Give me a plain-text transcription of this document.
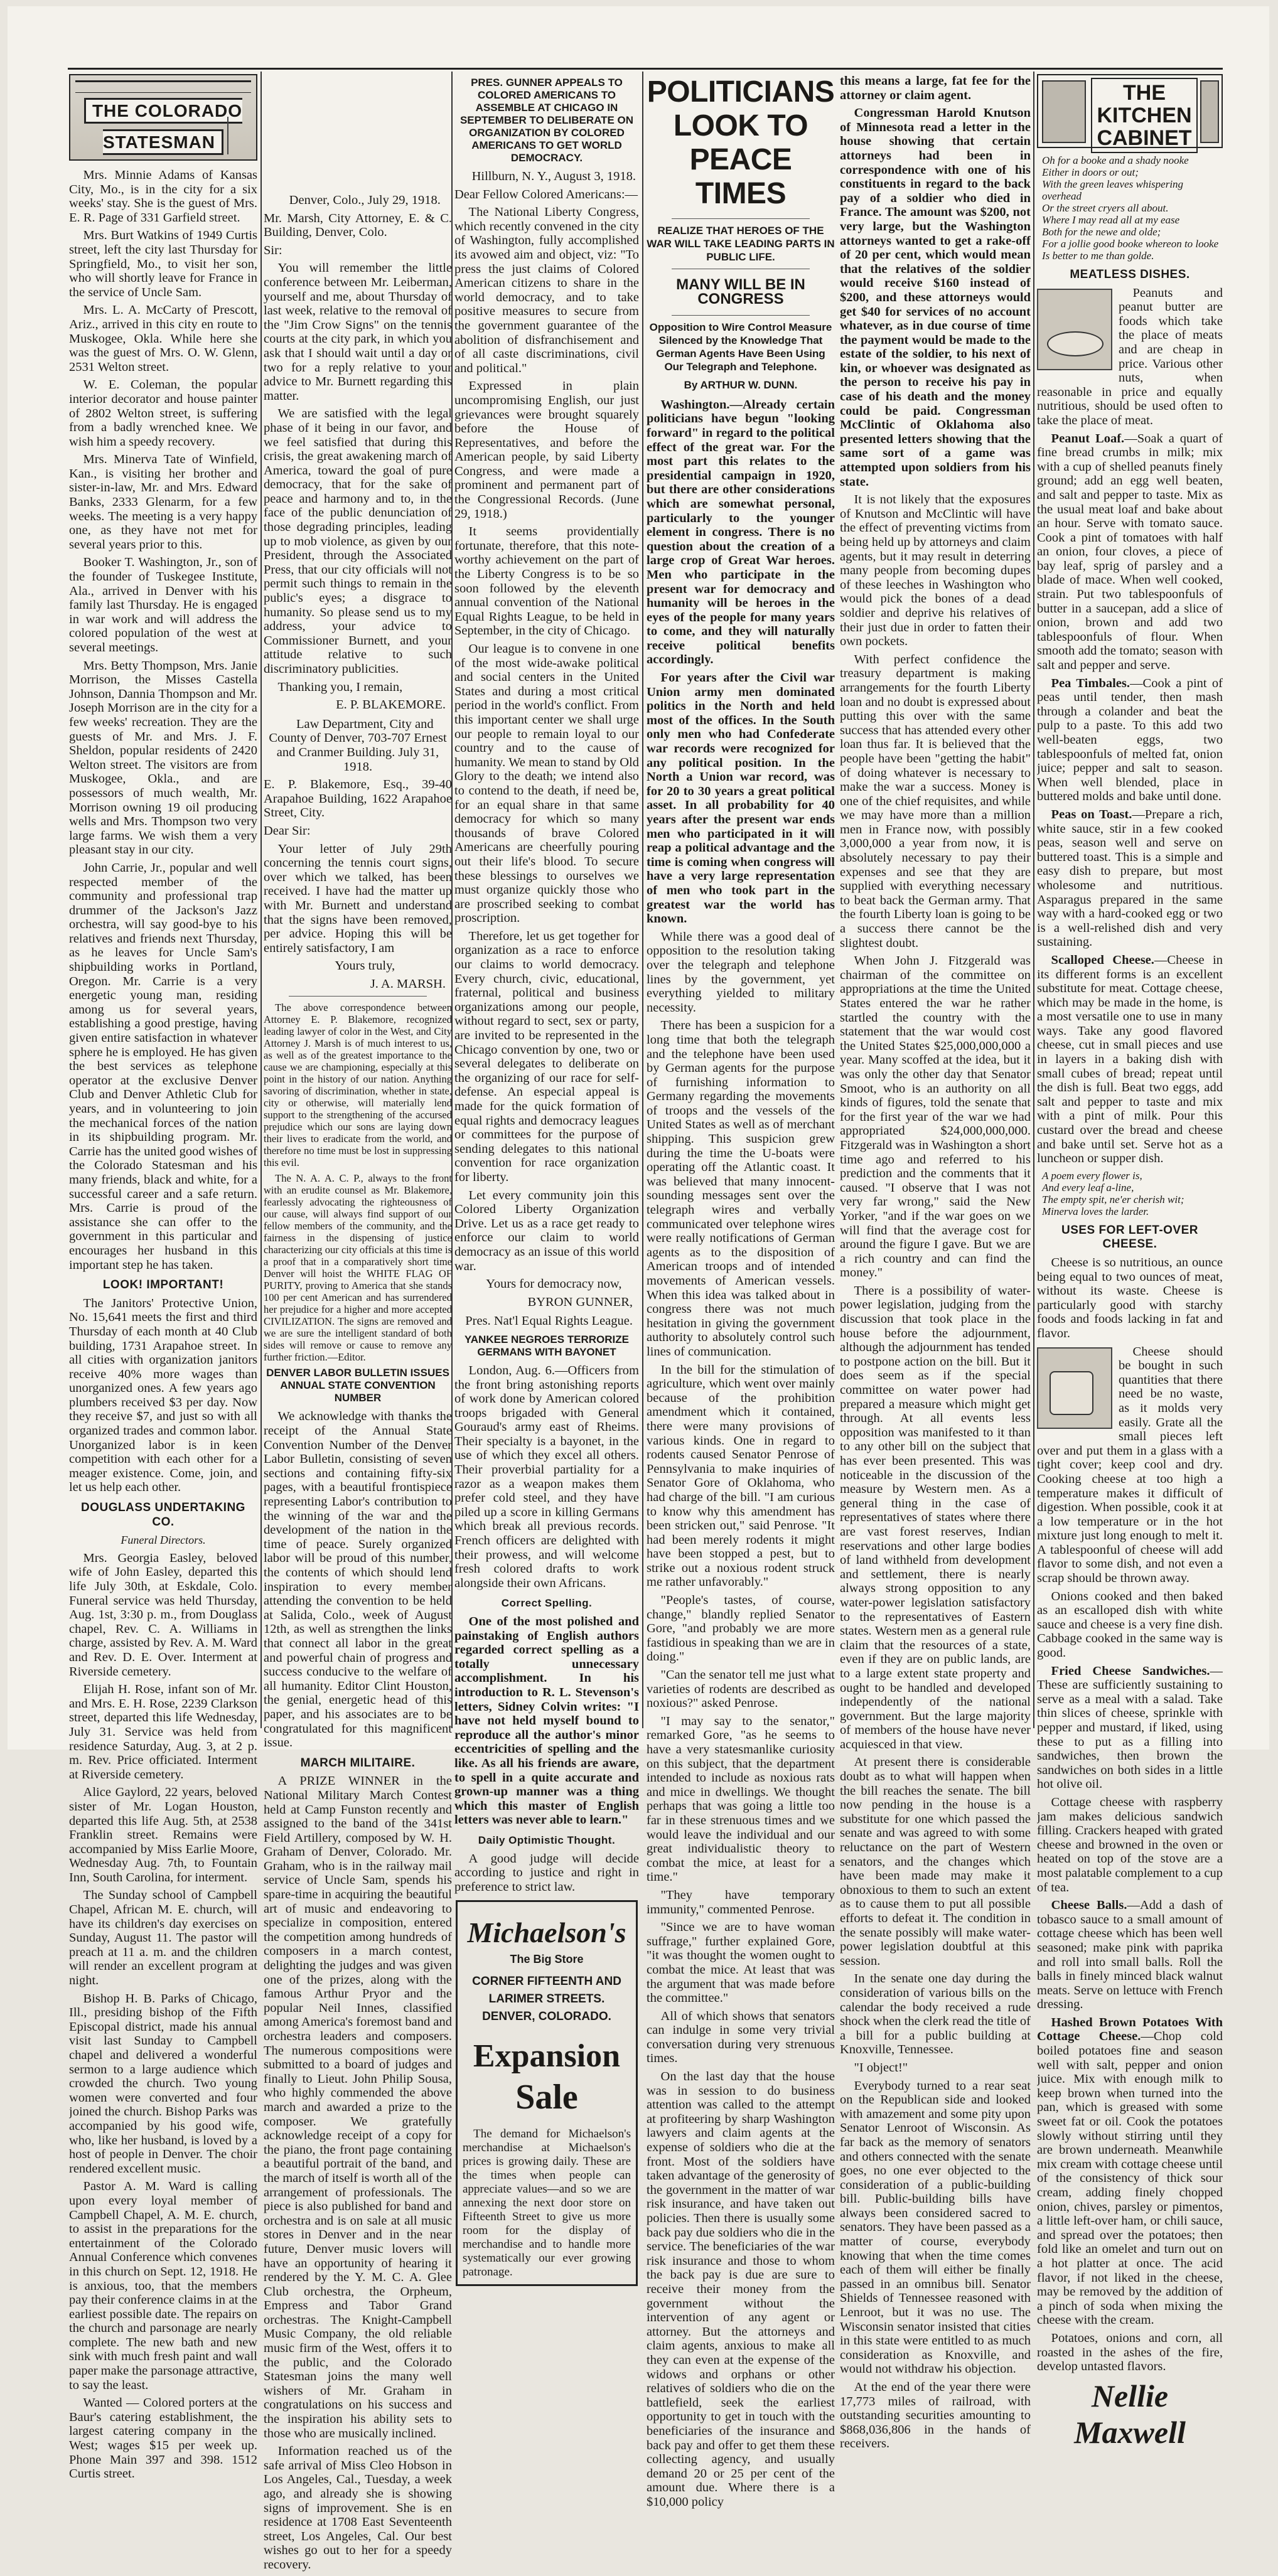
THE COLORADO STATESMAN

Mrs. Minnie Adams of Kansas City, Mo., is in the city for a six weeks' stay. She is the guest of Mrs. E. R. Page of 331 Garfield street.

Mrs. Burt Watkins of 1949 Curtis street, left the city last Thursday for Springfield, Mo., to visit her son, who will shortly leave for France in the service of Uncle Sam.

Mrs. L. A. McCarty of Prescott, Ariz., arrived in this city en route to Muskogee, Okla. While here she was the guest of Mrs. O. W. Glenn, 2531 Welton street.

W. E. Coleman, the popular interior decorator and house painter of 2802 Welton street, is suffering from a badly wrenched knee. We wish him a speedy recovery.

Mrs. Minerva Tate of Winfield, Kan., is visiting her brother and sister-in-law, Mr. and Mrs. Edward Banks, 2333 Glenarm, for a few weeks. The meeting is a very happy one, as they have not met for several years prior to this.

Booker T. Washington, Jr., son of the founder of Tuskegee Institute, Ala., arrived in Denver with his family last Thursday. He is engaged in war work and will address the colored population of the west at several meetings.

Mrs. Betty Thompson, Mrs. Janie Morrison, the Misses Castella Johnson, Dannia Thompson and Mr. Joseph Morrison are in the city for a few weeks' recreation. They are the guests of Mr. and Mrs. J. F. Sheldon, popular residents of 2420 Welton street. The visitors are from Muskogee, Okla., and are possessors of much wealth, Mr. Morrison owning 19 oil producing wells and Mrs. Thompson two very large farms. We wish them a very pleasant stay in our city.

John Carrie, Jr., popular and well respected member of the community and professional trap drummer of the Jackson's Jazz orchestra, will say good-bye to his relatives and friends next Thursday, as he leaves for Uncle Sam's shipbuilding works in Portland, Oregon. Mr. Carrie is a very energetic young man, residing among us for several years, establishing a good prestige, having given entire satisfaction in whatever sphere he is employed. He has given the best services as telephone operator at the exclusive Denver Club and Denver Athletic Club for years, and in volunteering to join the mechanical forces of the nation in its shipbuilding program. Mr. Carrie has the united good wishes of the Colorado Statesman and his many friends, black and white, for a successful career and a safe return. Mrs. Carrie is proud of the assistance she can offer to the government in this particular and encourages her husband in this important step he has taken.

LOOK! IMPORTANT!

The Janitors' Protective Union, No. 15,641 meets the first and third Thursday of each month at 40 Club building, 1731 Arapahoe street. In all cities with organization janitors receive 40% more wages than unorganized ones. A few years ago plumbers received $3 per day. Now they receive $7, and just so with all organized trades and common labor. Unorganized labor is in keen competition with each other for a meager existence. Come, join, and let us help each other.

DOUGLASS UNDERTAKING CO.
Funeral Directors.

Mrs. Georgia Easley, beloved wife of John Easley, departed this life July 30th, at Eskdale, Colo. Funeral service was held Thursday, Aug. 1st, 3:30 p. m., from Douglass chapel, Rev. C. A. Williams in charge, assisted by Rev. A. M. Ward and Rev. D. E. Over. Interment at Riverside cemetery.

Elijah H. Rose, infant son of Mr. and Mrs. E. H. Rose, 2239 Clarkson street, departed this life Wednesday, July 31. Service was held from residence Saturday, Aug. 3, at 2 p. m. Rev. Price officiated. Interment at Riverside cemetery.

Alice Gaylord, 22 years, beloved sister of Mr. Logan Houston, departed this life Aug. 5th, at 2538 Franklin street. Remains were accompanied by Miss Earlie Moore, Wednesday Aug. 7th, to Fountain Inn, South Carolina, for interment.

The Sunday school of Campbell Chapel, African M. E. church, will have its children's day exercises on Sunday, August 11. The pastor will preach at 11 a. m. and the children will render an excellent program at night.

Bishop H. B. Parks of Chicago, Ill., presiding bishop of the Fifth Episcopal district, made his annual visit last Sunday to Campbell chapel and delivered a wonderful sermon to a large audience which crowded the church. Two young women were converted and four joined the church. Bishop Parks was accompanied by his good wife, who, like her husband, is loved by a host of people in Denver. The choir rendered excellent music.

Pastor A. M. Ward is calling upon every loyal member of Campbell Chapel, A. M. E. church, to assist in the preparations for the entertainment of the Colorado Annual Conference which convenes in this church on Sept. 12, 1918. He is anxious, too, that the members pay their conference claims in at the earliest possible date. The repairs on the church and parsonage are nearly complete. The new bath and new sink with much fresh paint and wall paper make the parsonage attractive, to say the least.

Wanted — Colored porters at the Baur's catering establishment, the largest catering company in the West; wages $15 per week up. Phone Main 397 and 398. 1512 Curtis street.

Denver, Colo., July 29, 1918.

Mr. Marsh, City Attorney, E. & C. Building, Denver, Colo.

Sir:

You will remember the little conference between Mr. Leiberman, yourself and me, about Thursday of last week, relative to the removal of the "Jim Crow Signs" on the tennis courts at the city park, in which you ask that I should wait until a day or two for a reply relative to your advice to Mr. Burnett regarding this matter.

We are satisfied with the legal phase of it being in our favor, and we feel satisfied that during this crisis, the great awakening march of America, toward the goal of pure democracy, that for the sake of peace and harmony and to, in the face of the public denunciation of those degrading principles, leading up to mob violence, as given by our President, through the Associated Press, that our city officials will not permit such things to remain in the public's eyes; a disgrace to humanity. So please send us to my address, your advice to Commissioner Burnett, and your attitude relative to such discriminatory publicities.

Thanking you, I remain,

E. P. BLAKEMORE.

Law Department, City and County of Denver, 703-707 Ernest and Cranmer Building. July 31, 1918.

E. P. Blakemore, Esq., 39-40 Arapahoe Building, 1622 Arapahoe Street, City.

Dear Sir:

Your letter of July 29th concerning the tennis court signs, over which we talked, has been received. I have had the matter up with Mr. Burnett and understand that the signs have been removed, per advice. Hoping this will be entirely satisfactory, I am

Yours truly,

J. A. MARSH.

The above correspondence between Attorney E. P. Blakemore, recognized leading lawyer of color in the West, and City Attorney J. Marsh is of much interest to us, as well as of the greatest importance to the cause we are championing, especially at this point in the history of our nation. Anything savoring of discrimination, whether in state, city or otherwise, will materially lend support to the strengthening of the accursed prejudice which our sons are laying down their lives to eradicate from the world, and therefore no time must be lost in suppressing this evil.

The N. A. A. C. P., always to the front with an erudite counsel as Mr. Blakemore, fearlessly advocating the righteousness of our cause, will always find support of our fellow members of the community, and the fairness in the dispensing of justice characterizing our city officials at this time is a proof that in a comparatively short time Denver will hoist the WHITE FLAG OF PURITY, proving to America that she stands 100 per cent American and has surrendered her prejudice for a higher and more accepted CIVILIZATION. The signs are removed and we are sure the intelligent standard of both sides will remove or cause to remove any further friction.—Editor.

DENVER LABOR BULLETIN ISSUES ANNUAL STATE CONVENTION NUMBER

We acknowledge with thanks the receipt of the Annual State Convention Number of the Denver Labor Bulletin, consisting of seven sections and containing fifty-six pages, with a beautiful frontispiece representing Labor's contribution to the winning of the war and the development of the nation in the time of peace. Surely organized labor will be proud of this number, the contents of which should lend inspiration to every member attending the convention to be held at Salida, Colo., week of August 12th, as well as strengthen the links that connect all labor in the great and powerful chain of progress and success conducive to the welfare of all humanity. Editor Clint Houston, the genial, energetic head of this paper, and his associates are to be congratulated for this magnificent issue.

MARCH MILITAIRE.

A PRIZE WINNER in the National Military March Contest held at Camp Funston recently and assigned to the band of the 341st Field Artillery, composed by W. H. Graham of Denver, Colorado. Mr. Graham, who is in the railway mail service of Uncle Sam, spends his spare-time in acquiring the beautiful art of music and endeavoring to specialize in composition, entered the competition among hundreds of composers in a march contest, delighting the judges and was given one of the prizes, along with the famous Arthur Pryor and the popular Neil Innes, classified among America's foremost band and orchestra leaders and composers. The numerous compositions were submitted to a board of judges and finally to Lieut. John Philip Sousa, who highly commended the above march and awarded a prize to the composer. We gratefully acknowledge receipt of a copy for the piano, the front page containing a beautiful portrait of the band, and the march of itself is worth all of the arrangement of professionals. The piece is also published for band and orchestra and is on sale at all music stores in Denver and in the near future, Denver music lovers will have an opportunity of hearing it rendered by the Y. M. C. A. Glee Club orchestra, the Orpheum, Empress and Tabor Grand orchestras. The Knight-Campbell Music Company, the old reliable music firm of the West, offers it to the public, and the Colorado Statesman joins the many well wishers of Mr. Graham in congratulations on his success and the inspiration his ability sets to those who are musically inclined.

Information reached us of the safe arrival of Miss Cleo Hobson in Los Angeles, Cal., Tuesday, a week ago, and already she is showing signs of improvement. She is en residence at 1708 East Seventeenth street, Los Angeles, Cal. Our best wishes go out to her for a speedy recovery.

PRES. GUNNER APPEALS TO COLORED AMERICANS TO ASSEMBLE AT CHICAGO IN SEPTEMBER TO DELIBERATE ON ORGANIZATION BY COLORED AMERICANS TO GET WORLD DEMOCRACY.

Hillburn, N. Y., August 3, 1918.

Dear Fellow Colored Americans:—

The National Liberty Congress, which recently convened in the city of Washington, fully accomplished its avowed aim and object, viz: "To press the just claims of Colored American citizens to share in the world democracy, and to take positive measures to secure from the government guarantee of the abolition of disfranchisement and of all caste discriminations, civil and political."

Expressed in plain uncompromising English, our just grievances were brought squarely before the House of Representatives, and before the American people, by said Liberty Congress, and were made a prominent and permanent part of the Congressional Records. (June 29, 1918.)

It seems providentially fortunate, therefore, that this note-worthy achievement on the part of the Liberty Congress is to be so soon followed by the eleventh annual convention of the National Equal Rights League, to be held in September, in the city of Chicago.

Our league is to convene in one of the most wide-awake political and social centers in the United States and during a most critical period in the world's conflict. From this important center we shall urge our people to remain loyal to our country and to the cause of humanity. We mean to stand by Old Glory to the death; we intend also to contend to the death, if need be, for an equal share in that same democracy for which so many thousands of brave Colored Americans are cheerfully pouring out their life's blood. To secure these blessings to ourselves we must organize quickly those who are proscribed seeking to combat proscription.

Therefore, let us get together for organization as a race to enforce our claims to world democracy. Every church, civic, educational, fraternal, political and business organizations among our people, without regard to sect, sex or party, are invited to be represented in the Chicago convention by one, two or several delegates to deliberate on the organizing of our race for self-defense. An especial appeal is made for the quick formation of equal rights and democracy leagues or committees for the purpose of sending delegates to this national convention for race organization for liberty.

Let every community join this Colored Liberty Organization Drive. Let us as a race get ready to enforce our claim to world democracy as an issue of this world war.

Yours for democracy now,

BYRON GUNNER,
Pres. Nat'l Equal Rights League.
YANKEE NEGROES TERRORIZE GERMANS WITH BAYONET

London, Aug. 6.—Officers from the front bring astonishing reports of work done by American colored troops brigaded with General Gouraud's army east of Rheims. Their specialty is a bayonet, in the use of which they excel all others. Their proverbial partiality for a razor as a weapon makes them prefer cold steel, and they have piled up a score in killing Germans which break all previous records. French officers are delighted with their prowess, and will welcome fresh colored drafts to work alongside their own Africans.

Correct Spelling.

One of the most polished and painstaking of English authors regarded correct spelling as a totally unnecessary accomplishment. In his introduction to R. L. Stevenson's letters, Sidney Colvin writes: "I have not held myself bound to reproduce all the author's minor eccentricities of spelling and the like. As all his friends are aware, to spell in a quite accurate and grown-up manner was a thing which this master of English letters was never able to learn."

Daily Optimistic Thought.

A good judge will decide according to justice and right in preference to strict law.

Michaelson's
The Big Store
CORNER FIFTEENTH AND
LARIMER STREETS.
DENVER, COLORADO.
Expansion
Sale

The demand for Michaelson's merchandise at Michaelson's prices is growing daily. These are the times when people can appreciate values—and so we are annexing the next door store on Fifteenth Street to give us more room for the display of merchandise and to handle more systematically our ever growing patronage.

POLITICIANS LOOK TO PEACE TIMES
REALIZE THAT HEROES OF THE WAR WILL TAKE LEADING PARTS IN PUBLIC LIFE.
MANY WILL BE IN CONGRESS
Opposition to Wire Control Measure Silenced by the Knowledge That German Agents Have Been Using Our Telegraph and Telephone.
By ARTHUR W. DUNN.

Washington.—Already certain politicians have begun "looking forward" in regard to the political effect of the great war. For the most part this relates to the presidential campaign in 1920, but there are other considerations which are somewhat personal, particularly to the younger element in congress. There is no question about the creation of a large crop of Great War heroes. Men who participate in the present war for democracy and humanity will be heroes in the eyes of the people for many years to come, and they will naturally receive political benefits accordingly.

For years after the Civil war Union army men dominated politics in the North and held most of the offices. In the South only men who had Confederate war records were recognized for any political position. In the North a Union war record, was for 20 to 30 years a great political asset. In all probability for 40 years after the present war ends men who participated in it will reap a political advantage and the time is coming when congress will have a very large representation of men who took part in the greatest war the world has known.

While there was a good deal of opposition to the resolution taking over the telegraph and telephone lines by the government, yet everything yielded to military necessity.

There has been a suspicion for a long time that both the telegraph and the telephone have been used by German agents for the purpose of furnishing information to Germany regarding the movements of troops and the vessels of the United States as well as of merchant shipping. This suspicion grew during the time the U-boats were operating off the Atlantic coast. It was believed that many innocent-sounding messages sent over the telegraph wires and verbally communicated over telephone wires were really notifications of German agents as to the disposition of American troops and of intended movements of American vessels. When this idea was talked about in congress there was not much hesitation in giving the government authority to absolutely control such lines of communication.

In the bill for the stimulation of agriculture, which went over mainly because of the prohibition amendment which it contained, there were many provisions of various kinds. One in regard to rodents caused Senator Penrose of Pennsylvania to make inquiries of Senator Gore of Oklahoma, who had charge of the bill. "I am curious to know why this amendment has been stricken out," said Penrose. "It had been merely rodents it might have been stopped a pest, but to strike out a noxious rodent struck me rather unfavorably."

"People's tastes, of course, change," blandly replied Senator Gore, "and probably we are more fastidious in speaking than we are in doing."

"Can the senator tell me just what varieties of rodents are described as noxious?" asked Penrose.

"I may say to the senator," remarked Gore, "as he seems to have a very statesmanlike curiosity on this subject, that the department intended to include as noxious rats and mice in dwellings. We thought perhaps that was going a little too far in these strenuous times and we would leave the individual and our great individualistic theory to combat the mice, at least for a time."

"They have temporary immunity," commented Penrose.

"Since we are to have woman suffrage," further explained Gore, "it was thought the women ought to combat the mice. At least that was the argument that was made before the committee."

All of which shows that senators can indulge in some very trivial conversation during very strenuous times.

On the last day that the house was in session to do business attention was called to the attempt at profiteering by sharp Washington lawyers and claim agents at the expense of soldiers who die at the front. Most of the soldiers have taken advantage of the generosity of the government in the matter of war risk insurance, and have taken out policies. Then there is usually some back pay due soldiers who die in the service. The beneficiaries of the war risk insurance and those to whom the back pay is due are sure to receive their money from the government without the intervention of any agent or attorney. But the attorneys and claim agents, anxious to make all they can even at the expense of the widows and orphans or other relatives of soldiers who die on the battlefield, seek the earliest opportunity to get in touch with the beneficiaries of the insurance and back pay and offer to get them these collecting agency, and usually demand 20 or 25 per cent of the amount due. Where there is a $10,000 policy

this means a large, fat fee for the attorney or claim agent.

Congressman Harold Knutson of Minnesota read a letter in the house showing that certain attorneys had been in correspondence with one of his constituents in regard to the back pay of a soldier who died in France. The amount was $200, not very large, but the Washington attorneys wanted to get a rake-off of 20 per cent, which would mean that the relatives of the soldier would receive $160 instead of $200, and these attorneys would get $40 for services of no account whatever, as in due course of time the payment would be made to the estate of the soldier, to his next of kin, or whoever was designated as the person to receive his pay in case of his death and the money could be paid. Congressman McClintic of Oklahoma also presented letters showing that the same sort of a game was attempted upon soldiers from his state.

It is not likely that the exposures of Knutson and McClintic will have the effect of preventing victims from being held up by attorneys and claim agents, but it may result in deterring many people from becoming dupes of these leeches in Washington who would pick the bones of a dead soldier and deprive his relatives of their just due in order to fatten their own pockets.

With perfect confidence the treasury department is making arrangements for the fourth Liberty loan and no doubt is expressed about putting this over with the same success that has attended every other loan thus far. It is believed that the people have been "getting the habit" of doing whatever is necessary to make the war a success. Money is one of the chief requisites, and while we may have more than a million men in France now, with possibly 3,000,000 a year from now, it is absolutely necessary to pay their expenses and see that they are supplied with everything necessary to beat back the German army. That the fourth Liberty loan is going to be a success there cannot be the slightest doubt.

When John J. Fitzgerald was chairman of the committee on appropriations at the time the United States entered the war he rather startled the country with the statement that the war would cost the United States $25,000,000,000 a year. Many scoffed at the idea, but it was only the other day that Senator Smoot, who is an authority on all kinds of figures, told the senate that for the first year of the war we had appropriated $24,000,000,000. Fitzgerald was in Washington a short time ago and referred to his prediction and the comments that it caused. "I observe that I was not very far wrong," said the New Yorker, "and if the war goes on we will find that the average cost for around the figure I gave. But we are a rich country and can find the money."

There is a possibility of water-power legislation, judging from the discussion that took place in the house before the adjournment, although the adjournment has tended to postpone action on the bill. But it does seem as if the special committee on water power had prepared a measure which might get through. At all events less opposition was manifested to it than to any other bill on the subject that has ever been presented. This was noticeable in the discussion of the measure by Western men. As a general thing in the case of representatives of states where there are vast forest reserves, Indian reservations and other large bodies of land withheld from development and settlement, there is nearly always strong opposition to any water-power legislation satisfactory to the representatives of Eastern states. Western men as a general rule claim that the resources of a state, even if they are on public lands, are to a large extent state property and ought to be handled and developed independently of the national government. But the large majority of members of the house have never acquiesced in that view.

At present there is considerable doubt as to what will happen when the bill reaches the senate. The bill now pending in the house is a substitute for one which passed the senate and was agreed to with some reluctance on the part of Western senators, and the changes which have been made may make it obnoxious to them to such an extent as to cause them to put all possible efforts to defeat it. The condition in the senate possibly will make water-power legislation doubtful at this session.

In the senate one day during the consideration of various bills on the calendar the body received a rude shock when the clerk read the title of a bill for a public building at Knoxville, Tennessee.

"I object!"

Everybody turned to a rear seat on the Republican side and looked with amazement and some pity upon Senator Lenroot of Wisconsin. As far back as the memory of senators and others connected with the senate goes, no one ever objected to the consideration of a public-building bill. Public-building bills have always been considered sacred to senators. They have been passed as a matter of course, everybody knowing that when the time comes each of them will either be finally passed in an omnibus bill. Senator Shields of Tennessee reasoned with Lenroot, but it was no use. The Wisconsin senator insisted that cities in this state were entitled to as much consideration as Knoxville, and would not withdraw his objection.

At the end of the year there were 17,773 miles of railroad, with outstanding securities amounting to $868,036,806 in the hands of receivers.

THE KITCHEN CABINET
Oh for a booke and a shady nooke
Either in doors or out;
With the green leaves whispering overhead
Or the street cryers all about.
Where I may read all at my ease
Both for the newe and olde;
For a jollie good booke whereon to looke
Is better to me than golde.
MEATLESS DISHES.

Peanuts and peanut butter are foods which take the place of meats and are cheap in price. Various other nuts, when reasonable in price and equally nutritious, should be used often to take the place of meat.

Peanut Loaf.—Soak a quart of fine bread crumbs in milk; mix with a cup of shelled peanuts finely ground; add an egg well beaten, and salt and pepper to taste. Mix as the usual meat loaf and bake about an hour. Serve with tomato sauce. Cook a pint of tomatoes with half an onion, four cloves, a piece of bay leaf, sprig of parsley and a blade of mace. When well cooked, strain. Put two tablespoonfuls of butter in a saucepan, add a slice of onion, brown and add two tablespoonfuls of flour. When smooth add the tomato; season with salt and pepper and serve.

Pea Timbales.—Cook a pint of peas until tender, then mash through a colander and beat the pulp to a paste. To this add two well-beaten eggs, two tablespoonfuls of melted fat, onion juice; pepper and salt to season. When well blended, place in buttered molds and bake until done.

Peas on Toast.—Prepare a rich, white sauce, stir in a few cooked peas, season well and serve on buttered toast. This is a simple and easy dish to prepare, but most wholesome and nutritious. Asparagus prepared in the same way with a hard-cooked egg or two is a well-relished dish and very sustaining.

Scalloped Cheese.—Cheese in its different forms is an excellent substitute for meat. Cottage cheese, which may be made in the home, is a most versatile one to use in many ways. Take any good flavored cheese, cut in small pieces and use in layers in a baking dish with small cubes of bread; repeat until the dish is full. Beat two eggs, add salt and pepper to taste and mix with a pint of milk. Pour this custard over the bread and cheese and bake until set. Serve hot as a luncheon or supper dish.

A poem every flower is,
And every leaf a-line,
The empty spit, ne'er cherish wit;
Minerva loves the larder.
USES FOR LEFT-OVER CHEESE.

Cheese is so nutritious, an ounce being equal to two ounces of meat, without its waste. Cheese is particularly good with starchy foods and foods lacking in fat and flavor.

Cheese should be bought in such quantities that there need be no waste, as it molds very easily. Grate all the small pieces left over and put them in a glass with a tight cover; keep cool and dry. Cooking cheese at too high a temperature makes it difficult of digestion. When possible, cook it at a low temperature or in the hot mixture just long enough to melt it. A tablespoonful of cheese will add flavor to some dish, and not even a scrap should be thrown away.

Onions cooked and then baked as an escalloped dish with white sauce and cheese is a very fine dish. Cabbage cooked in the same way is good.

Fried Cheese Sandwiches.—These are sufficiently sustaining to serve as a meal with a salad. Take thin slices of cheese, sprinkle with pepper and mustard, if liked, using these to put as a filling into sandwiches, then brown the sandwiches on both sides in a little hot olive oil.

Cottage cheese with raspberry jam makes delicious sandwich filling. Crackers heaped with grated cheese and browned in the oven or heated on top of the stove are a most palatable complement to a cup of tea.

Cheese Balls.—Add a dash of tobasco sauce to a small amount of cottage cheese which has been well seasoned; make pink with paprika and roll into small balls. Roll the balls in finely minced black walnut meats. Serve on lettuce with French dressing.

Hashed Brown Potatoes With Cottage Cheese.—Chop cold boiled potatoes fine and season well with salt, pepper and onion juice. Mix with enough milk to keep brown when turned into the pan, which is greased with some sweet fat or oil. Cook the potatoes slowly without stirring until they are brown underneath. Meanwhile mix cream with cottage cheese until of the consistency of thick sour cream, adding finely chopped onion, chives, parsley or pimentos, a little left-over ham, or chili sauce, and spread over the potatoes; then fold like an omelet and turn out on a hot platter at once. The acid flavor, if not liked in the cheese, may be removed by the addition of a pinch of soda when mixing the cheese with the cream.

Potatoes, onions and corn, all roasted in the ashes of the fire, develop untasted flavors.

Nellie Maxwell
